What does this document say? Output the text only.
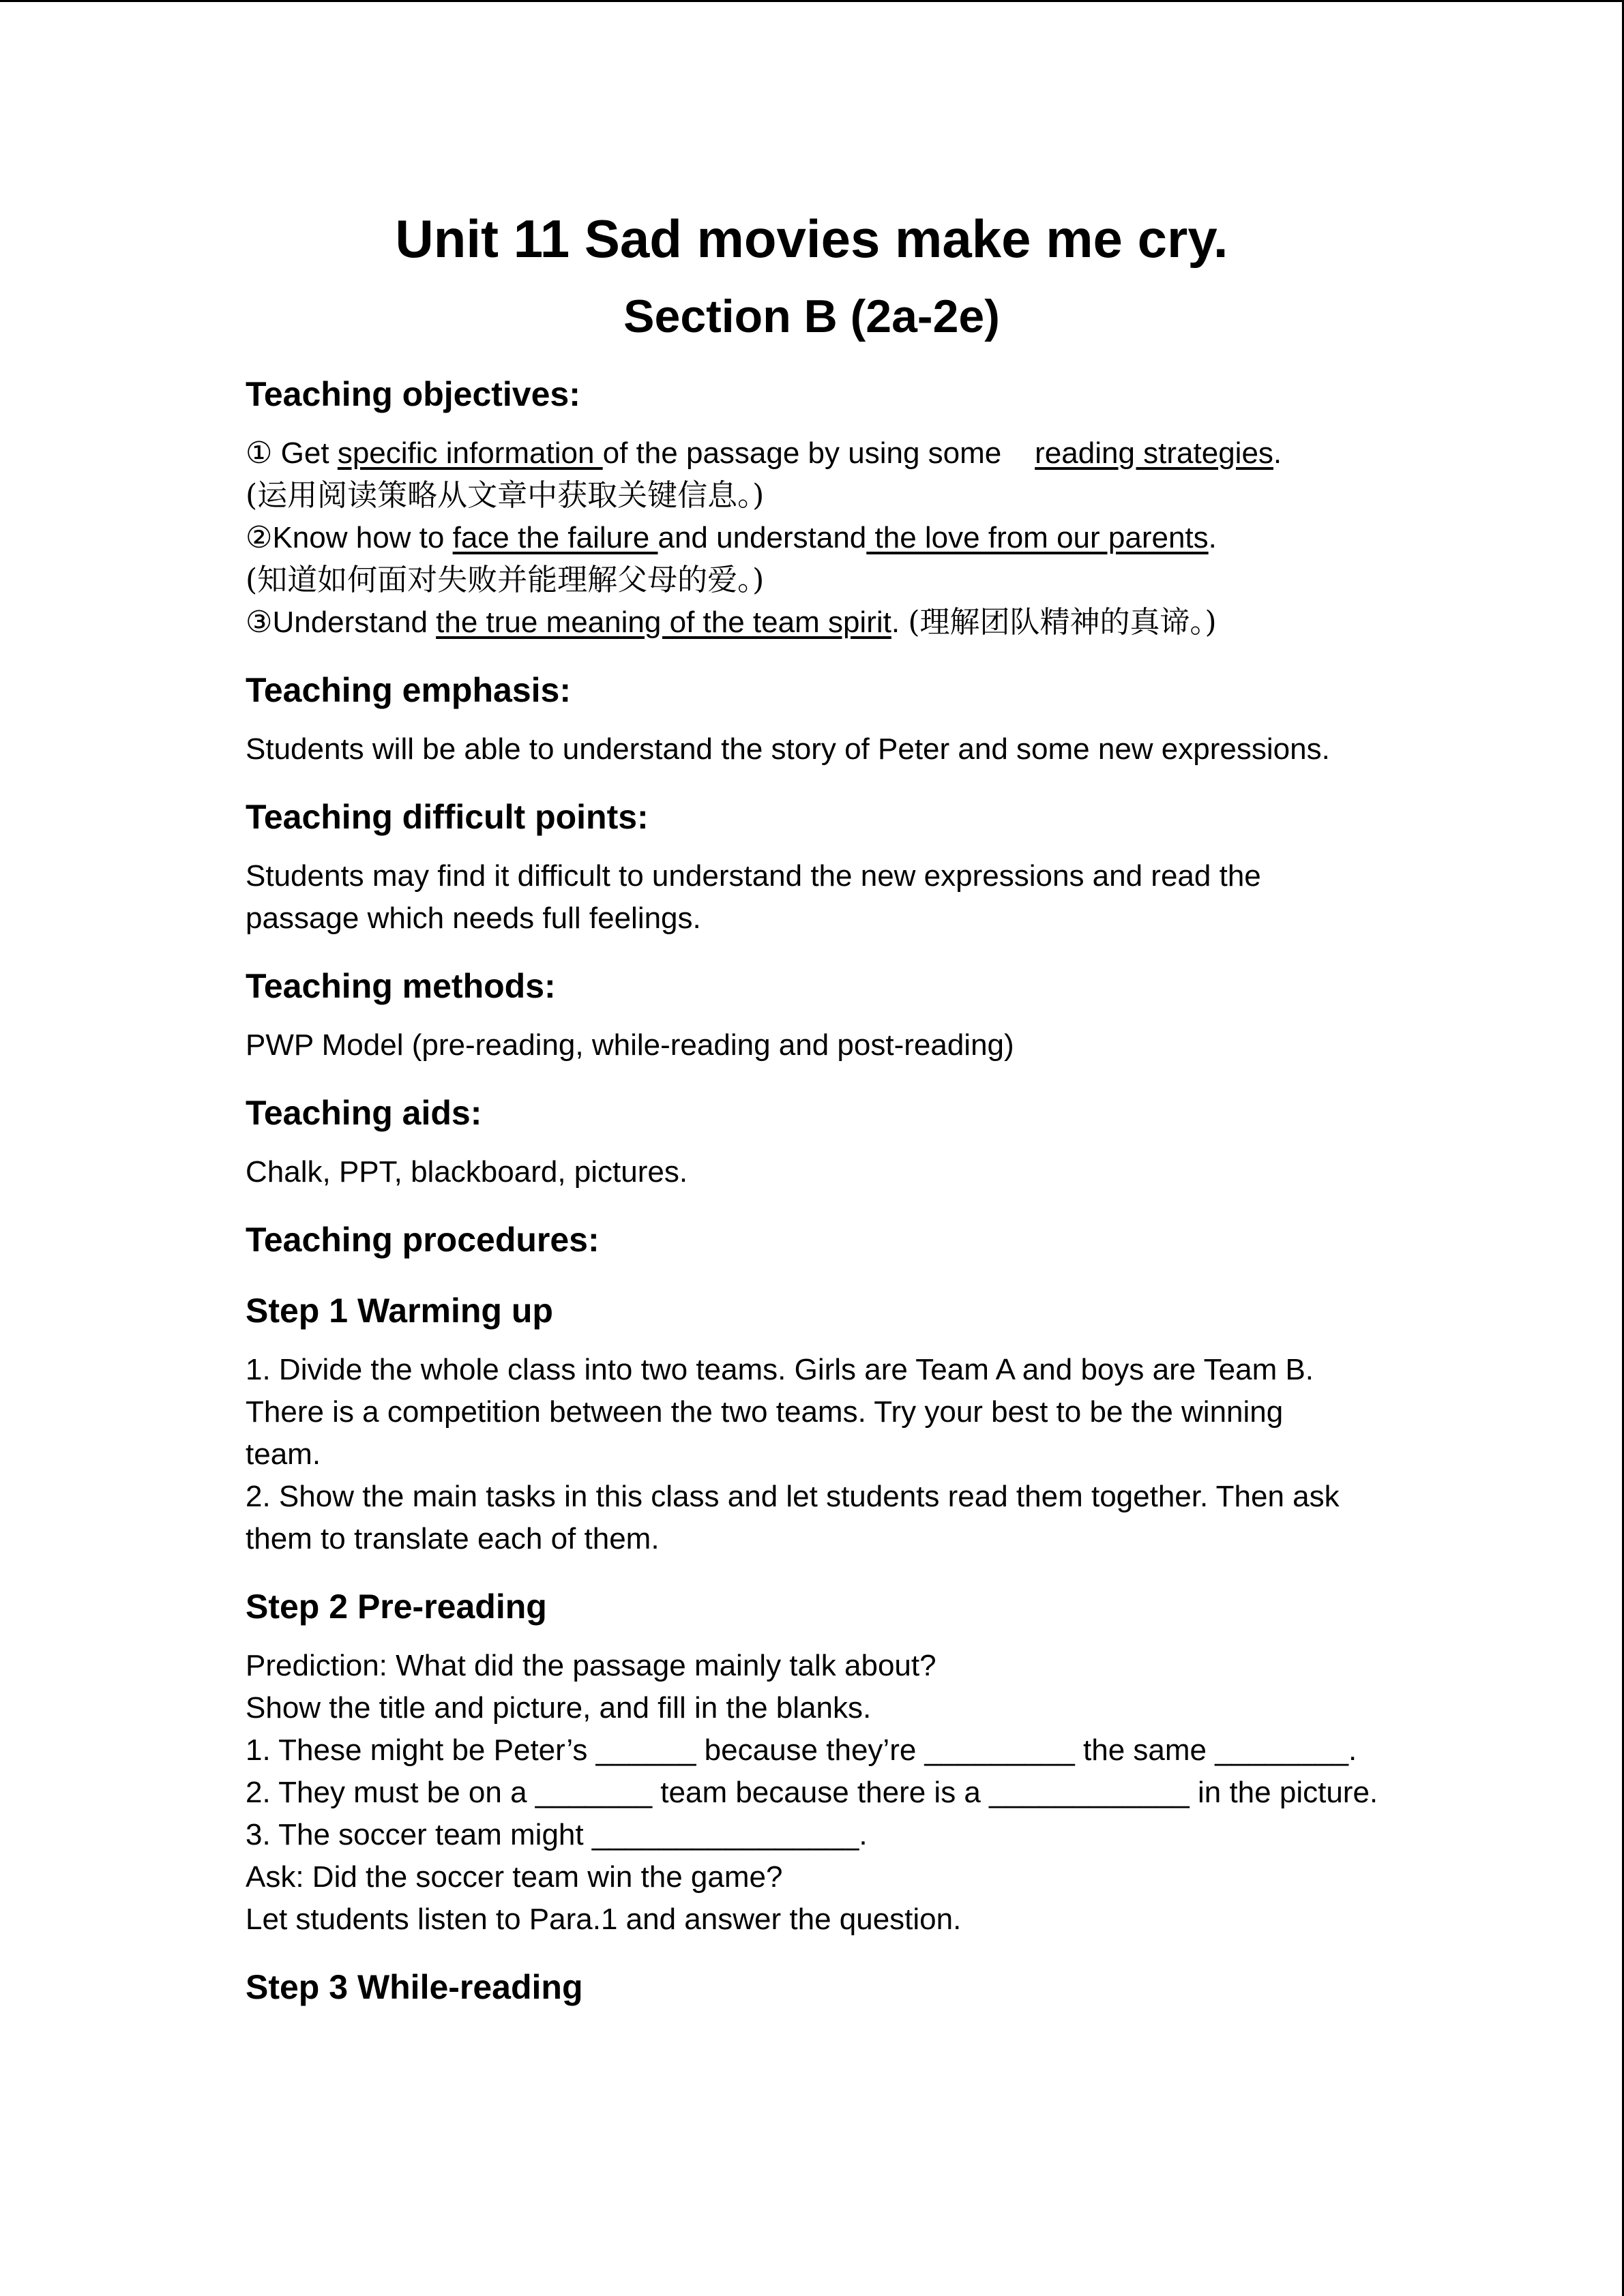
Unit 11 Sad movies make me cry.
Section B (2a-2e)
Teaching objectives:
① Get specific information of the passage by using some    reading strategies.
(运用阅读策略从文章中获取关键信息。)
②Know how to face the failure and understand the love from our parents.
(知道如何面对失败并能理解父母的爱。)
③Understand the true meaning of the team spirit. (理解团队精神的真谛。)
Teaching emphasis:
Students will be able to understand the story of Peter and some new expressions.
Teaching difficult points:
Students may find it difficult to understand the new expressions and read the
passage which needs full feelings.
Teaching methods:
PWP Model (pre-reading, while-reading and post-reading)
Teaching aids:
Chalk, PPT, blackboard, pictures.
Teaching procedures:
Step 1 Warming up
1. Divide the whole class into two teams. Girls are Team A and boys are Team B.
There is a competition between the two teams. Try your best to be the winning
team.
2. Show the main tasks in this class and let students read them together. Then ask
them to translate each of them.
Step 2 Pre-reading
Prediction: What did the passage mainly talk about?
Show the title and picture, and fill in the blanks.
1. These might be Peter’s ______ because they’re _________ the same ________.
2. They must be on a _______ team because there is a ____________ in the picture.
3. The soccer team might ________________.
Ask: Did the soccer team win the game?
Let students listen to Para.1 and answer the question.
Step 3 While-reading
